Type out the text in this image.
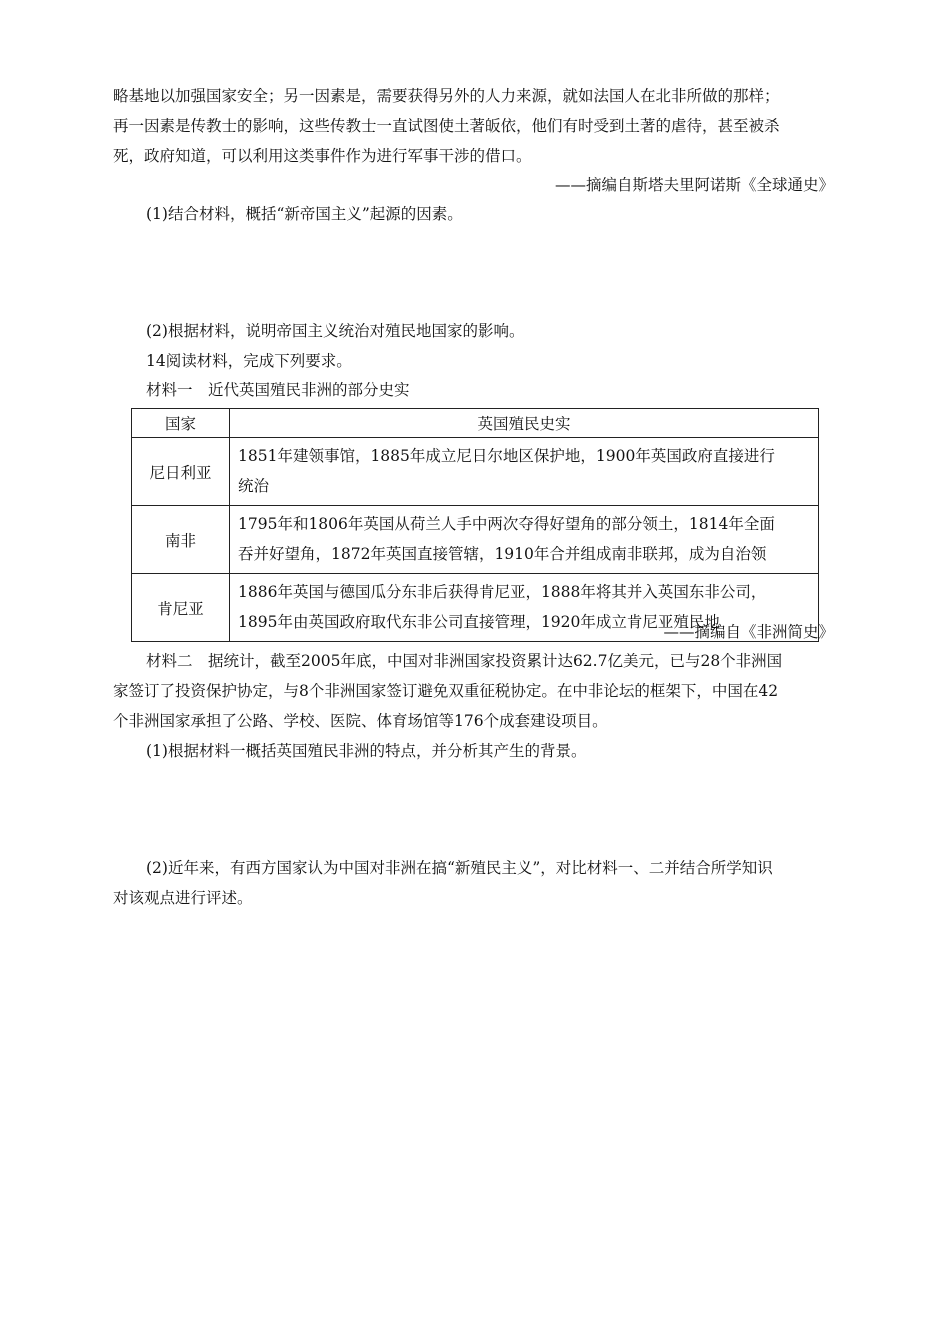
略基地以加强国家安全；另一因素是，需要获得另外的人力来源，就如法国人在北非所做的那样；
再一因素是传教士的影响，这些传教士一直试图使土著皈依，他们有时受到土著的虐待，甚至被杀
死，政府知道，可以利用这类事件作为进行军事干涉的借口。
——摘编自斯塔夫里阿诺斯《全球通史》
(1)结合材料，概括“新帝国主义”起源的因素。
(2)根据材料，说明帝国主义统治对殖民地国家的影响。
14阅读材料，完成下列要求。
材料一　近代英国殖民非洲的部分史实
国家	英国殖民史实
尼日利亚	1851年建领事馆，1885年成立尼日尔地区保护地，1900年英国政府直接进行
统治

南非	1795年和1806年英国从荷兰人手中两次夺得好望角的部分领土，1814年全面
吞并好望角，1872年英国直接管辖，1910年合并组成南非联邦，成为自治领

肯尼亚	1886年英国与德国瓜分东非后获得肯尼亚，1888年将其并入英国东非公司，
1895年由英国政府取代东非公司直接管理，1920年成立肯尼亚殖民地
——摘编自《非洲简史》
材料二　据统计，截至2005年底，中国对非洲国家投资累计达62.7亿美元，已与28个非洲国
家签订了投资保护协定，与8个非洲国家签订避免双重征税协定。在中非论坛的框架下，中国在42
个非洲国家承担了公路、学校、医院、体育场馆等176个成套建设项目。
(1)根据材料一概括英国殖民非洲的特点，并分析其产生的背景。
(2)近年来，有西方国家认为中国对非洲在搞“新殖民主义”，对比材料一、二并结合所学知识
对该观点进行评述。
